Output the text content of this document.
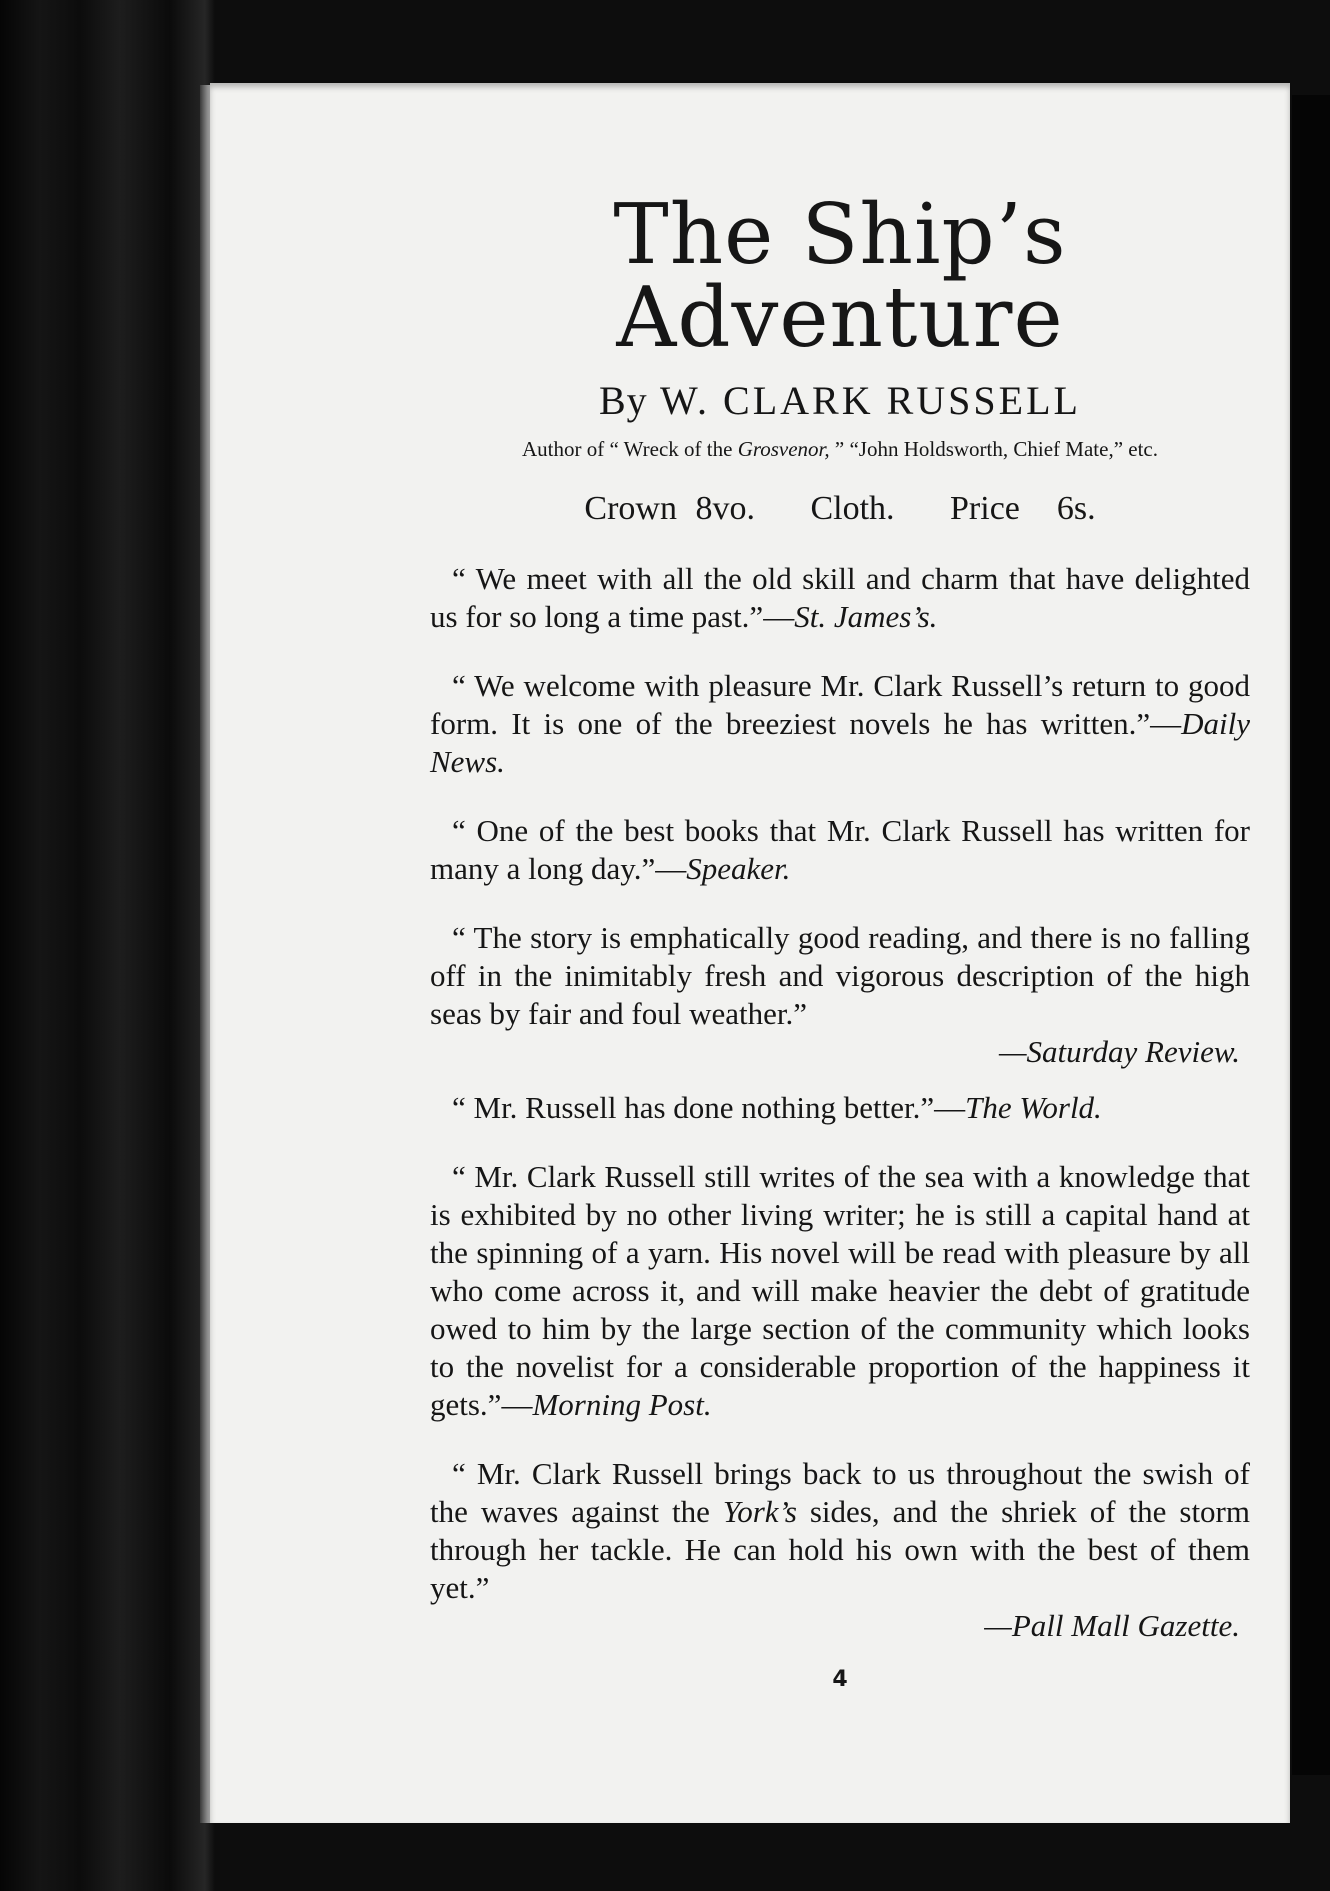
The Ship’s Adventure
By W. CLARK RUSSELL
Author of “ Wreck of the Grosvenor, ” “John Holdsworth, Chief Mate,” etc.
Crown 8vo.   Cloth.   Price  6s.

“ We meet with all the old skill and charm that have delighted us for so long a time past.”—St. James’s.

“ We welcome with pleasure Mr. Clark Russell’s return to good form. It is one of the breeziest novels he has written.”—Daily News.

“ One of the best books that Mr. Clark Russell has written for many a long day.”—Speaker.

“ The story is emphatically good reading, and there is no falling off in the inimitably fresh and vigorous description of the high seas by fair and foul weather.”

—Saturday Review.

“ Mr. Russell has done nothing better.”—The World.

“ Mr. Clark Russell still writes of the sea with a knowledge that is exhibited by no other living writer; he is still a capital hand at the spinning of a yarn. His novel will be read with pleasure by all who come across it, and will make heavier the debt of gratitude owed to him by the large section of the community which looks to the novelist for a considerable proportion of the happiness it gets.”—Morning Post.

“ Mr. Clark Russell brings back to us throughout the swish of the waves against the York’s sides, and the shriek of the storm through her tackle. He can hold his own with the best of them yet.”

—Pall Mall Gazette.
4
